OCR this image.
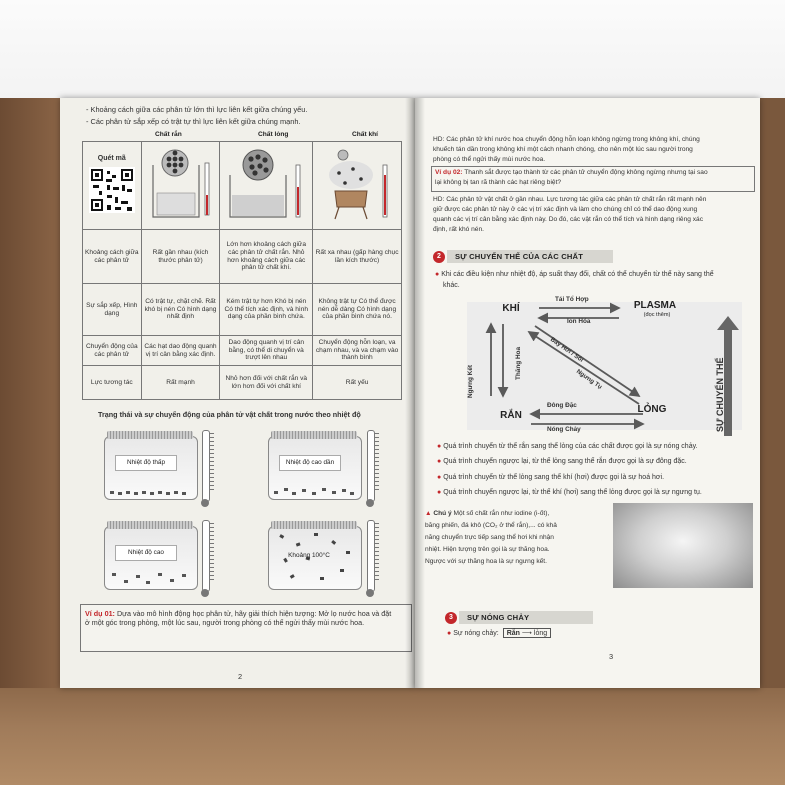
- Khoảng cách giữa các phân tử lớn thì lực liên kết giữa chúng yếu.
- Các phân tử sắp xếp có trật tự thì lực liên kết giữa chúng mạnh.
Chất rắn	Chất lỏng	Chất khí
Quét mã

Khoảng cách giữa các phân tử	Rất gần nhau (kích thước phân tử)	Lớn hơn khoảng cách giữa các phân tử chất rắn. Nhỏ hơn khoảng cách giữa các phân tử chất khí.	Rất xa nhau (gấp hàng chục lần kích thước)
Sự sắp xếp, Hình dạng	Có trật tự, chặt chẽ. Rất khó bị nén Có hình dạng nhất định	Kém trật tự hơn Khó bị nén Có thể tích xác định, và hình dạng của phần bình chứa.	Không trật tự Có thể được nén dễ dàng Có hình dạng của phần bình chứa nó.
Chuyển động của các phân tử	Các hạt dao động quanh vị trí cân bằng xác định.	Dao động quanh vị trí cân bằng, có thể di chuyển và trượt lên nhau	Chuyển động hỗn loạn, va chạm nhau, và va chạm vào thành bình
Lực tương tác	Rất mạnh	Nhỏ hơn đối với chất rắn và lớn hơn đối với chất khí	Rất yếu
Trạng thái và sự chuyển động của phân tử vật chất trong nước theo nhiệt độ
Nhiệt độ thấp	Nhiệt độ cao dần
Nhiệt độ cao	Khoảng 100°C
Ví dụ 01: Dựa vào mô hình động học phân tử, hãy giải thích hiện tượng: Mở lọ nước hoa và đặt
ở một góc trong phòng, một lúc sau, người trong phòng có thể ngửi thấy mùi nước hoa.
2
HD: Các phân tử khí nước hoa chuyển động hỗn loạn không ngừng trong không khí, chúng
khuếch tán dần trong không khí một cách nhanh chóng, cho nên một lúc sau người trong
phòng có thể ngửi thấy mùi nước hoa.
Ví dụ 02: Thanh sắt được tạo thành từ các phân tử chuyển động không ngừng nhưng tại sao
lại không bị tan rã thành các hạt riêng biệt?
HD: Các phân tử vật chất ở gần nhau. Lực tương tác giữa các phân tử chất rắn rất mạnh nên
giữ được các phân tử này ở các vị trí xác định và làm cho chúng chỉ có thể dao động xung
quanh các vị trí cân bằng xác định này. Do đó, các vật rắn có thể tích và hình dạng riêng xác
định, rất khó nén.
2	SỰ CHUYỂN THỂ CỦA CÁC CHẤT
● Khi các điều kiện như nhiệt độ, áp suất thay đổi, chất có thể chuyển từ thể này sang thể
khác.
KHÍ	PLASMA
(đọc thêm)
RẮN
LỎNG
Tái Tổ Hợp
Ion Hóa
Ngưng Kết
Thăng Hoa	Bay Hơi / Sôi
Ngưng Tụ
Đông Đặc
Nóng Chảy	SỰ CHUYỂN THỂ
● Quá trình chuyển từ thể rắn sang thể lỏng của các chất được gọi là sự nóng chảy.
● Quá trình chuyển ngược lại, từ thể lỏng sang thể rắn được gọi là sự đông đặc.
● Quá trình chuyển từ thể lỏng sang thể khí (hơi) được gọi là sự hoá hơi.
● Quá trình chuyển ngược lại, từ thể khí (hơi) sang thể lỏng được gọi là sự ngưng tụ.
▲ Chú ý Một số chất rắn như iodine (i-ốt),
băng phiến, đá khô (CO₂ ở thể rắn),... có khả
năng chuyển trực tiếp sang thể hơi khi nhận
nhiệt. Hiện tượng trên gọi là sự thăng hoa.
Ngược với sự thăng hoa là sự ngưng kết.
3	SỰ NÓNG CHẢY
● Sự nóng chảy: Rắn ⟶ lỏng
3
